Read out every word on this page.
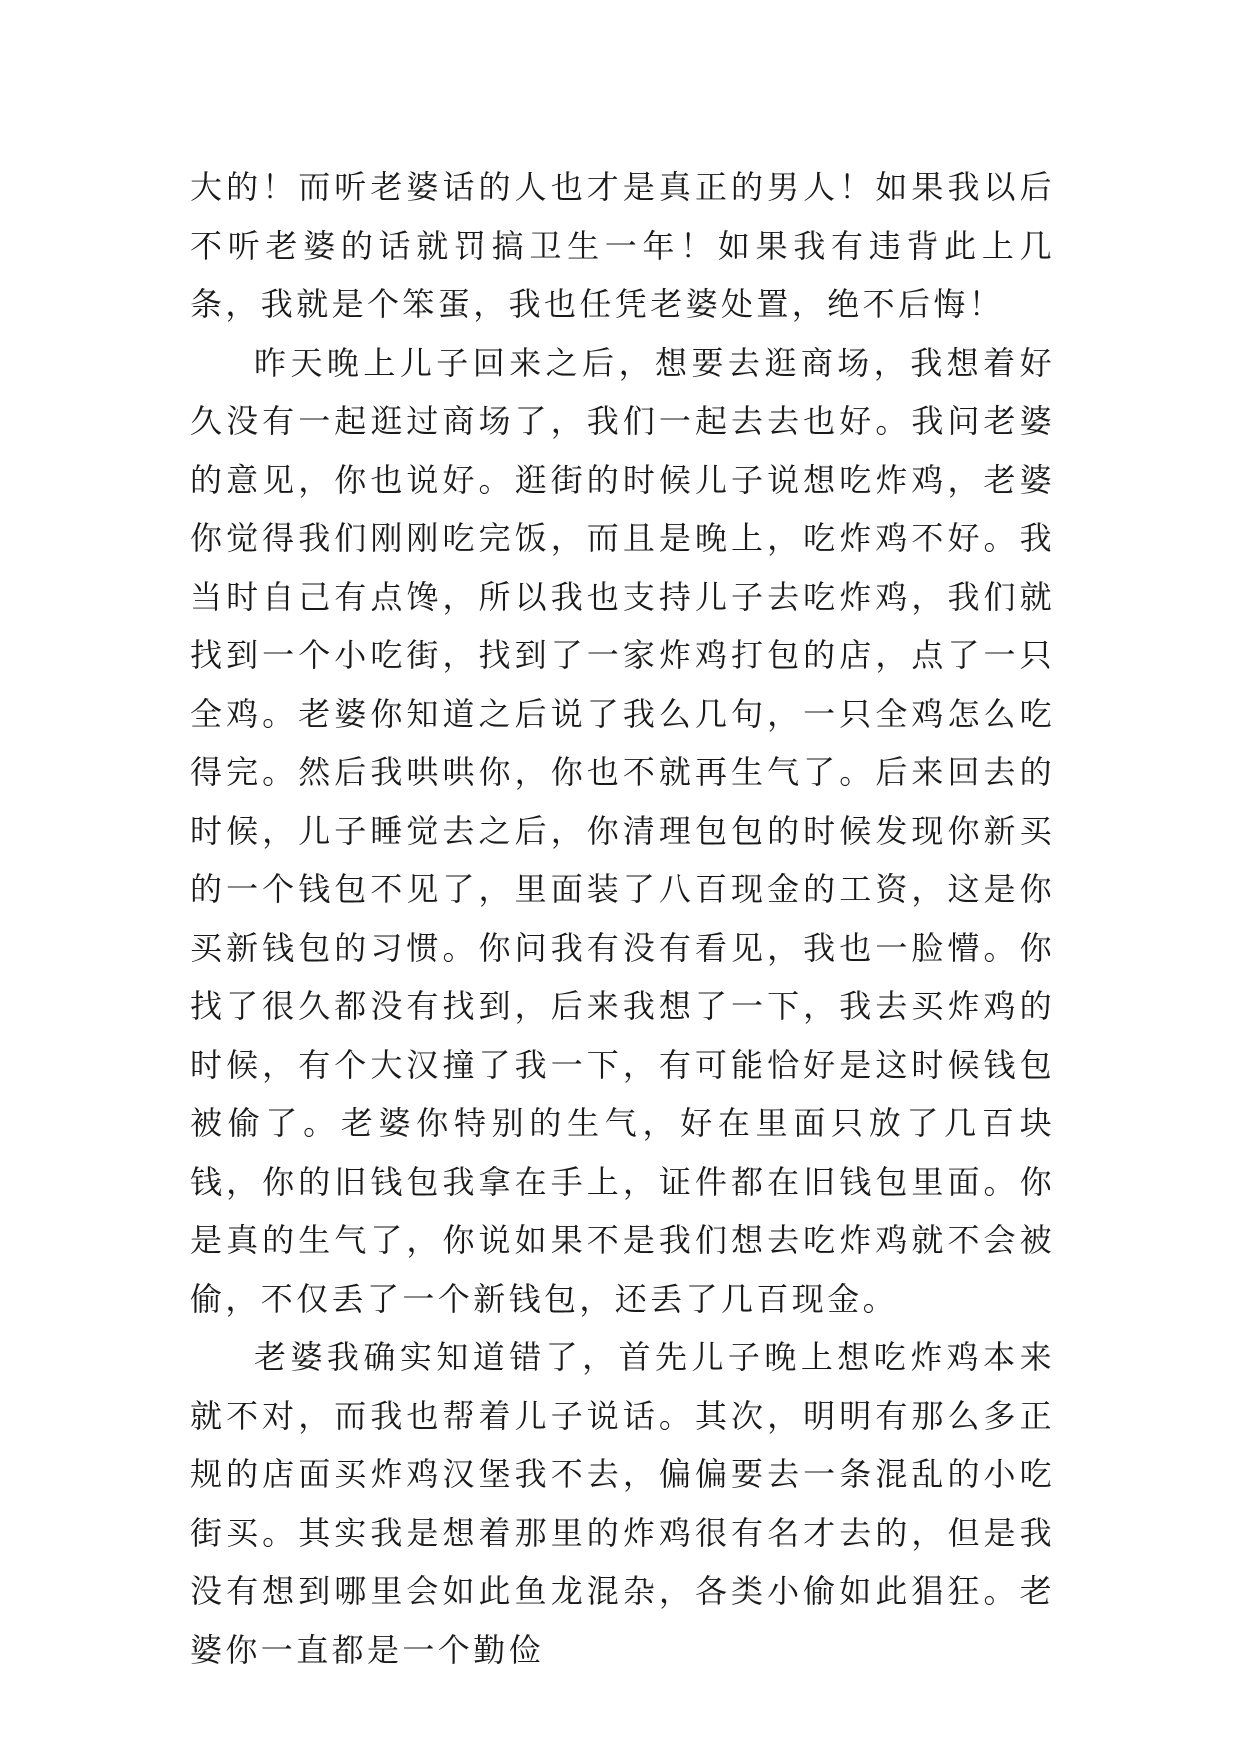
大的！而听老婆话的人也才是真正的男人！如果我以后不听老婆的话就罚搞卫生一年！如果我有违背此上几条，我就是个笨蛋，我也任凭老婆处置，绝不后悔！

昨天晚上儿子回来之后，想要去逛商场，我想着好久没有一起逛过商场了，我们一起去去也好。我问老婆的意见，你也说好。逛街的时候儿子说想吃炸鸡，老婆你觉得我们刚刚吃完饭，而且是晚上，吃炸鸡不好。我当时自己有点馋，所以我也支持儿子去吃炸鸡，我们就找到一个小吃街，找到了一家炸鸡打包的店，点了一只全鸡。老婆你知道之后说了我么几句，一只全鸡怎么吃得完。然后我哄哄你，你也不就再生气了。后来回去的时候，儿子睡觉去之后，你清理包包的时候发现你新买的一个钱包不见了，里面装了八百现金的工资，这是你买新钱包的习惯。你问我有没有看见，我也一脸懵。你找了很久都没有找到，后来我想了一下，我去买炸鸡的时候，有个大汉撞了我一下，有可能恰好是这时候钱包被偷了。老婆你特别的生气，好在里面只放了几百块钱，你的旧钱包我拿在手上，证件都在旧钱包里面。你是真的生气了，你说如果不是我们想去吃炸鸡就不会被偷，不仅丢了一个新钱包，还丢了几百现金。

老婆我确实知道错了，首先儿子晚上想吃炸鸡本来就不对，而我也帮着儿子说话。其次，明明有那么多正规的店面买炸鸡汉堡我不去，偏偏要去一条混乱的小吃街买。其实我是想着那里的炸鸡很有名才去的，但是我没有想到哪里会如此鱼龙混杂，各类小偷如此猖狂。老婆你一直都是一个勤俭
